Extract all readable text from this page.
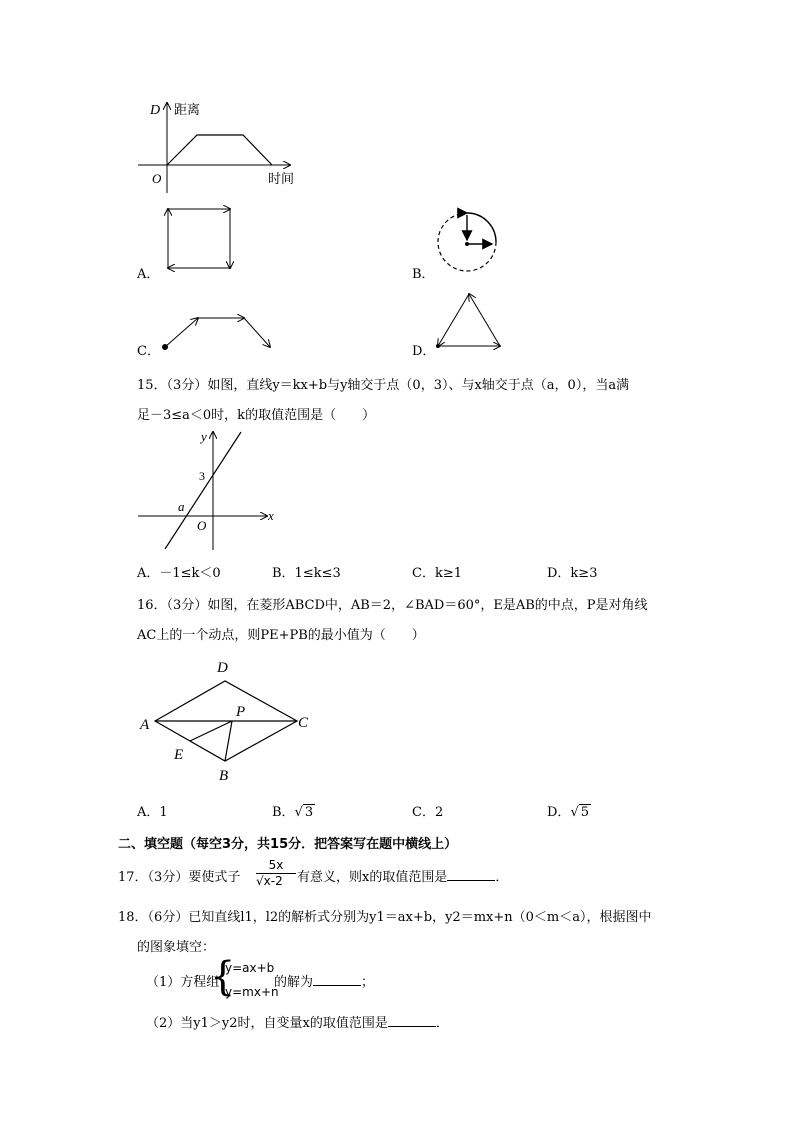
D 距离
O	时间
A．	B．
C．	D．
15．（3分）如图，直线y＝kx+b与y轴交于点（0，3）、与x轴交于点（a，0），当a满
足－3≤a＜0时，k的取值范围是（　　）
y
x
3
a
O
A．－1≤k＜0	B．1≤k≤3	C．k≥1	D．k≥3
16．（3分）如图，在菱形ABCD中，AB＝2，∠BAD＝60°，E是AB的中点，P是对角线
AC上的一个动点，则PE+PB的最小值为（　　）
A
B
C
D
E
P
A．1	B．√ 3	C．2	D．√ 5
二、填空题（每空3分，共15分．把答案写在题中横线上）
17．（3分）要使式子
5x
√x-2	有意义，则x的取值范围是	．
18．（6分）已知直线l1，l2的解析式分别为y1＝ax+b，y2＝mx+n（0＜m＜a），根据图中
的图象填空：
（1）方程组
{
y=ax+b
y=mx+n
的解为	；
（2）当y1＞y2时，自变量x的取值范围是	．
